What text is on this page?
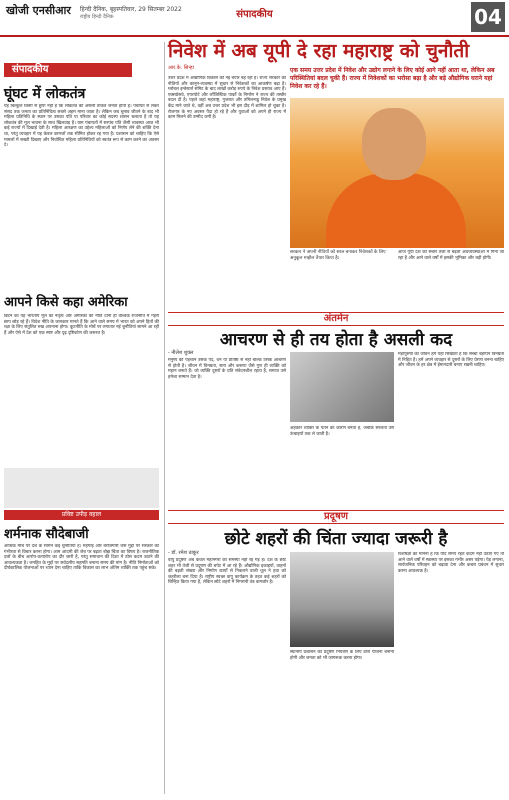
खोजी एनसीआर हिन्दी दैनिक, बृहस्पतिवार, 29 सितम्बर 2022
राष्ट्रीय हिन्दी दैनिक	संपादकीय	04
संपादकीय
घूंघट में लोकतंत्र
यह बिल्कुल किसी से छुपा नहीं है कि लोकतंत्र की असली ताकत जनता होती है। पंचायत से लेकर संसद तक जनता का प्रतिनिधित्व सबसे अहम माना जाता है। लेकिन जब चुनाव जीतने के बाद भी महिला प्रतिनिधि के स्थान पर उसका पति या परिवार का कोई सदस्य शासन चलाता है तो यह लोकतंत्र की मूल भावना के साथ खिलवाड़ है। ग्राम पंचायतों में सरपंच पति जैसी व्यवस्था आज भी कई राज्यों में दिखाई देती है। महिला आरक्षण का उद्देश्य महिलाओं को निर्णय लेने की शक्ति देना था, परंतु व्यवहार में यह केवल कागजों तक सीमित होकर रह गया है। प्रशासन को चाहिए कि ऐसे मामलों में सख्ती दिखाए और निर्वाचित महिला प्रतिनिधियों को स्वतंत्र रूप से काम करने का अवसर दे।
आपने किसे कहा अमेरिका
ब्रिटेन का यह भारतीय मूल का नेतृत्व और अमेरिका की नीति दोनों ही वैश्विक राजनीति में गहरी छाप छोड़ रहे हैं। विदेश नीति के जानकार मानते हैं कि आने वाले समय में भारत को अपने हितों की रक्षा के लिए संतुलित रुख अपनाना होगा। कूटनीति के मोर्चे पर लगातार नई चुनौतियां सामने आ रही हैं और ऐसे में देश को एक स्पष्ट और दृढ़ दृष्टिकोण की जरूरत है।
प्रविष्ट उपीड़ वहाल
शर्मनाक सौदेबाजी
आर्थिक मोर्चे पर देश के सामने कई चुनौतियां हैं। महंगाई और बेरोजगारी जैसे मुद्दों पर सरकार को गंभीरता से विचार करना होगा। आम आदमी की जेब पर बढ़ता बोझ चिंता का विषय है। राजनीतिक दलों के बीच आरोप-प्रत्यारोप का दौर जारी है, परंतु समाधान की दिशा में ठोस कदम उठाने की आवश्यकता है। जनहित के मुद्दों पर सर्वदलीय सहमति बनाना समय की मांग है। नीति निर्माताओं को दीर्घकालिक योजनाओं पर ध्यान देना चाहिए ताकि विकास का लाभ अंतिम व्यक्ति तक पहुंच सके।
निवेश में अब यूपी दे रहा महाराष्ट्र को चुनौती
आर.के. सिन्हा	एक समय उत्तर प्रदेश में निवेश और उद्योग लगाने के लिए कोई आगे नहीं आता था, लेकिन अब परिस्थितियां बदल चुकी हैं। राज्य में निवेशकों का भरोसा बढ़ा है और बड़े औद्योगिक घराने यहां निवेश कर रहे हैं।
उत्तर प्रदेश में औद्योगिक विकास की नई बयार बह रही है। राज्य सरकार की नीतियों और कानून-व्यवस्था में सुधार से निवेशकों का आकर्षण बढ़ा है। ग्लोबल इन्वेस्टर्स समिट के बाद लाखों करोड़ रुपये के निवेश प्रस्ताव आए हैं। एक्सप्रेसवे, एयरपोर्ट और लॉजिस्टिक पार्कों के निर्माण ने राज्य की तस्वीर बदल दी है। पहले जहां महाराष्ट्र, गुजरात और तमिलनाडु निवेश के प्रमुख केंद्र माने जाते थे, वहीं अब उत्तर प्रदेश भी इस दौड़ में शामिल हो चुका है। रोजगार के नए अवसर पैदा हो रहे हैं और युवाओं को अपने ही राज्य में काम मिलने की उम्मीद जगी है।
सरकार ने अपनी नीतियों को सरल बनाकर निवेशकों के लिए अनुकूल माहौल तैयार किया है।
आज यूपी देश की सबसे तेजी से बढ़ती अर्थव्यवस्थाओं में गिना जा रहा है और आने वाले वर्षों में इसकी भूमिका और बड़ी होगी।
अंतर्मन
आचरण से ही तय होता है असली कद
- नीलेश शुक्ल
मनुष्य की पहचान उसके पद, धन या प्रतिष्ठा से नहीं बल्कि उसके आचरण से होती है। जीवन में विनम्रता, सत्य और करुणा जैसे गुण ही व्यक्ति को महान बनाते हैं। जो व्यक्ति दूसरों के प्रति संवेदनशील रहता है, समाज उसे हमेशा सम्मान देता है।
अहंकार व्यक्ति के पतन का कारण बनता है, जबकि सरलता उसे ऊंचाइयों तक ले जाती है।
महापुरुषों का जीवन हमें यही सिखाता है कि सच्चा बड़प्पन विनम्रता में निहित है। हमें अपने व्यवहार से दूसरों के लिए प्रेरणा बनना चाहिए और जीवन के हर क्षेत्र में ईमानदारी बनाए रखनी चाहिए।
प्रदूषण
छोटे शहरों की चिंता ज्यादा जरूरी है
- डॉ. रमेश ठाकुर
वायु प्रदूषण अब केवल महानगरों की समस्या नहीं रह गई है। देश के छोटे शहर भी तेजी से प्रदूषण की चपेट में आ रहे हैं। औद्योगिक इकाइयों, वाहनों की बढ़ती संख्या और निर्माण कार्यों से निकलने वाली धूल ने हवा को जहरीला बना दिया है। राष्ट्रीय स्वच्छ वायु कार्यक्रम के तहत कई शहरों को चिन्हित किया गया है, लेकिन छोटे शहरों में निगरानी तंत्र कमजोर है।
स्थानीय प्रशासन को प्रदूषण नियंत्रण के लिए ठोस योजना बनानी होगी और जनता को भी जागरूक करना होगा।
विशेषज्ञों का मानना है कि यदि समय रहते कदम नहीं उठाए गए तो आने वाले वर्षों में स्वास्थ्य पर इसका गंभीर असर पड़ेगा। पेड़ लगाना, सार्वजनिक परिवहन को बढ़ावा देना और कचरा प्रबंधन में सुधार करना आवश्यक है।
